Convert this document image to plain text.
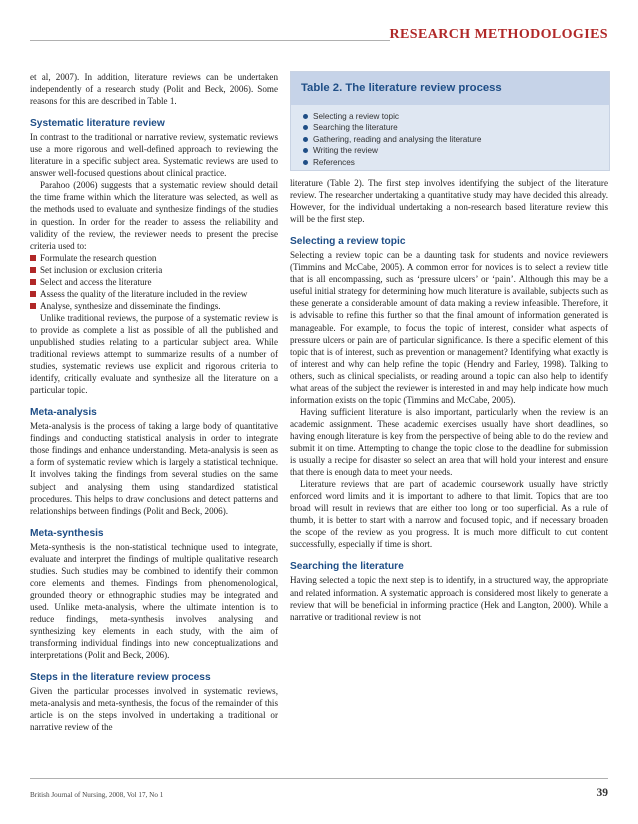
RESEARCH METHODOLOGIES

et al, 2007). In addition, literature reviews can be undertaken independently of a research study (Polit and Beck, 2006). Some reasons for this are described in Table 1.

Systematic literature review

In contrast to the traditional or narrative review, systematic reviews use a more rigorous and well-defined approach to reviewing the literature in a specific subject area. Systematic reviews are used to answer well-focused questions about clinical practice.

Parahoo (2006) suggests that a systematic review should detail the time frame within which the literature was selected, as well as the methods used to evaluate and synthesize findings of the studies in question. In order for the reader to assess the reliability and validity of the review, the reviewer needs to present the precise criteria used to:

Formulate the research question
Set inclusion or exclusion criteria
Select and access the literature
Assess the quality of the literature included in the review
Analyse, synthesize and disseminate the findings.

Unlike traditional reviews, the purpose of a systematic review is to provide as complete a list as possible of all the published and unpublished studies relating to a particular subject area. While traditional reviews attempt to summarize results of a number of studies, systematic reviews use explicit and rigorous criteria to identify, critically evaluate and synthesize all the literature on a particular topic.

Meta-analysis

Meta-analysis is the process of taking a large body of quantitative findings and conducting statistical analysis in order to integrate those findings and enhance understanding. Meta-analysis is seen as a form of systematic review which is largely a statistical technique. It involves taking the findings from several studies on the same subject and analysing them using standardized statistical procedures. This helps to draw conclusions and detect patterns and relationships between findings (Polit and Beck, 2006).

Meta-synthesis

Meta-synthesis is the non-statistical technique used to integrate, evaluate and interpret the findings of multiple qualitative research studies. Such studies may be combined to identify their common core elements and themes. Findings from phenomenological, grounded theory or ethnographic studies may be integrated and used. Unlike meta-analysis, where the ultimate intention is to reduce findings, meta-synthesis involves analysing and synthesizing key elements in each study, with the aim of transforming individual findings into new conceptualizations and interpretations (Polit and Beck, 2006).

Steps in the literature review process

Given the particular processes involved in systematic reviews, meta-analysis and meta-synthesis, the focus of the remainder of this article is on the steps involved in undertaking a traditional or narrative review of the

Table 2. The literature review process
Selecting a review topic
Searching the literature
Gathering, reading and analysing the literature
Writing the review
References

literature (Table 2). The first step involves identifying the subject of the literature review. The researcher undertaking a quantitative study may have decided this already. However, for the individual undertaking a non-research based literature review this will be the first step.

Selecting a review topic

Selecting a review topic can be a daunting task for students and novice reviewers (Timmins and McCabe, 2005). A common error for novices is to select a review title that is all encompassing, such as ‘pressure ulcers’ or ‘pain’. Although this may be a useful initial strategy for determining how much literature is available, subjects such as these generate a considerable amount of data making a review infeasible. Therefore, it is advisable to refine this further so that the final amount of information generated is manageable. For example, to focus the topic of interest, consider what aspects of pressure ulcers or pain are of particular significance. Is there a specific element of this topic that is of interest, such as prevention or management? Identifying what exactly is of interest and why can help refine the topic (Hendry and Farley, 1998). Talking to others, such as clinical specialists, or reading around a topic can also help to identify what areas of the subject the reviewer is interested in and may help indicate how much information exists on the topic (Timmins and McCabe, 2005).

Having sufficient literature is also important, particularly when the review is an academic assignment. These academic exercises usually have short deadlines, so having enough literature is key from the perspective of being able to do the review and submit it on time. Attempting to change the topic close to the deadline for submission is usually a recipe for disaster so select an area that will hold your interest and ensure that there is enough data to meet your needs.

Literature reviews that are part of academic coursework usually have strictly enforced word limits and it is important to adhere to that limit. Topics that are too broad will result in reviews that are either too long or too superficial. As a rule of thumb, it is better to start with a narrow and focused topic, and if necessary broaden the scope of the review as you progress. It is much more difficult to cut content successfully, especially if time is short.

Searching the literature

Having selected a topic the next step is to identify, in a structured way, the appropriate and related information. A systematic approach is considered most likely to generate a review that will be beneficial in informing practice (Hek and Langton, 2000). While a narrative or traditional review is not

British Journal of Nursing, 2008, Vol 17, No 1	39
